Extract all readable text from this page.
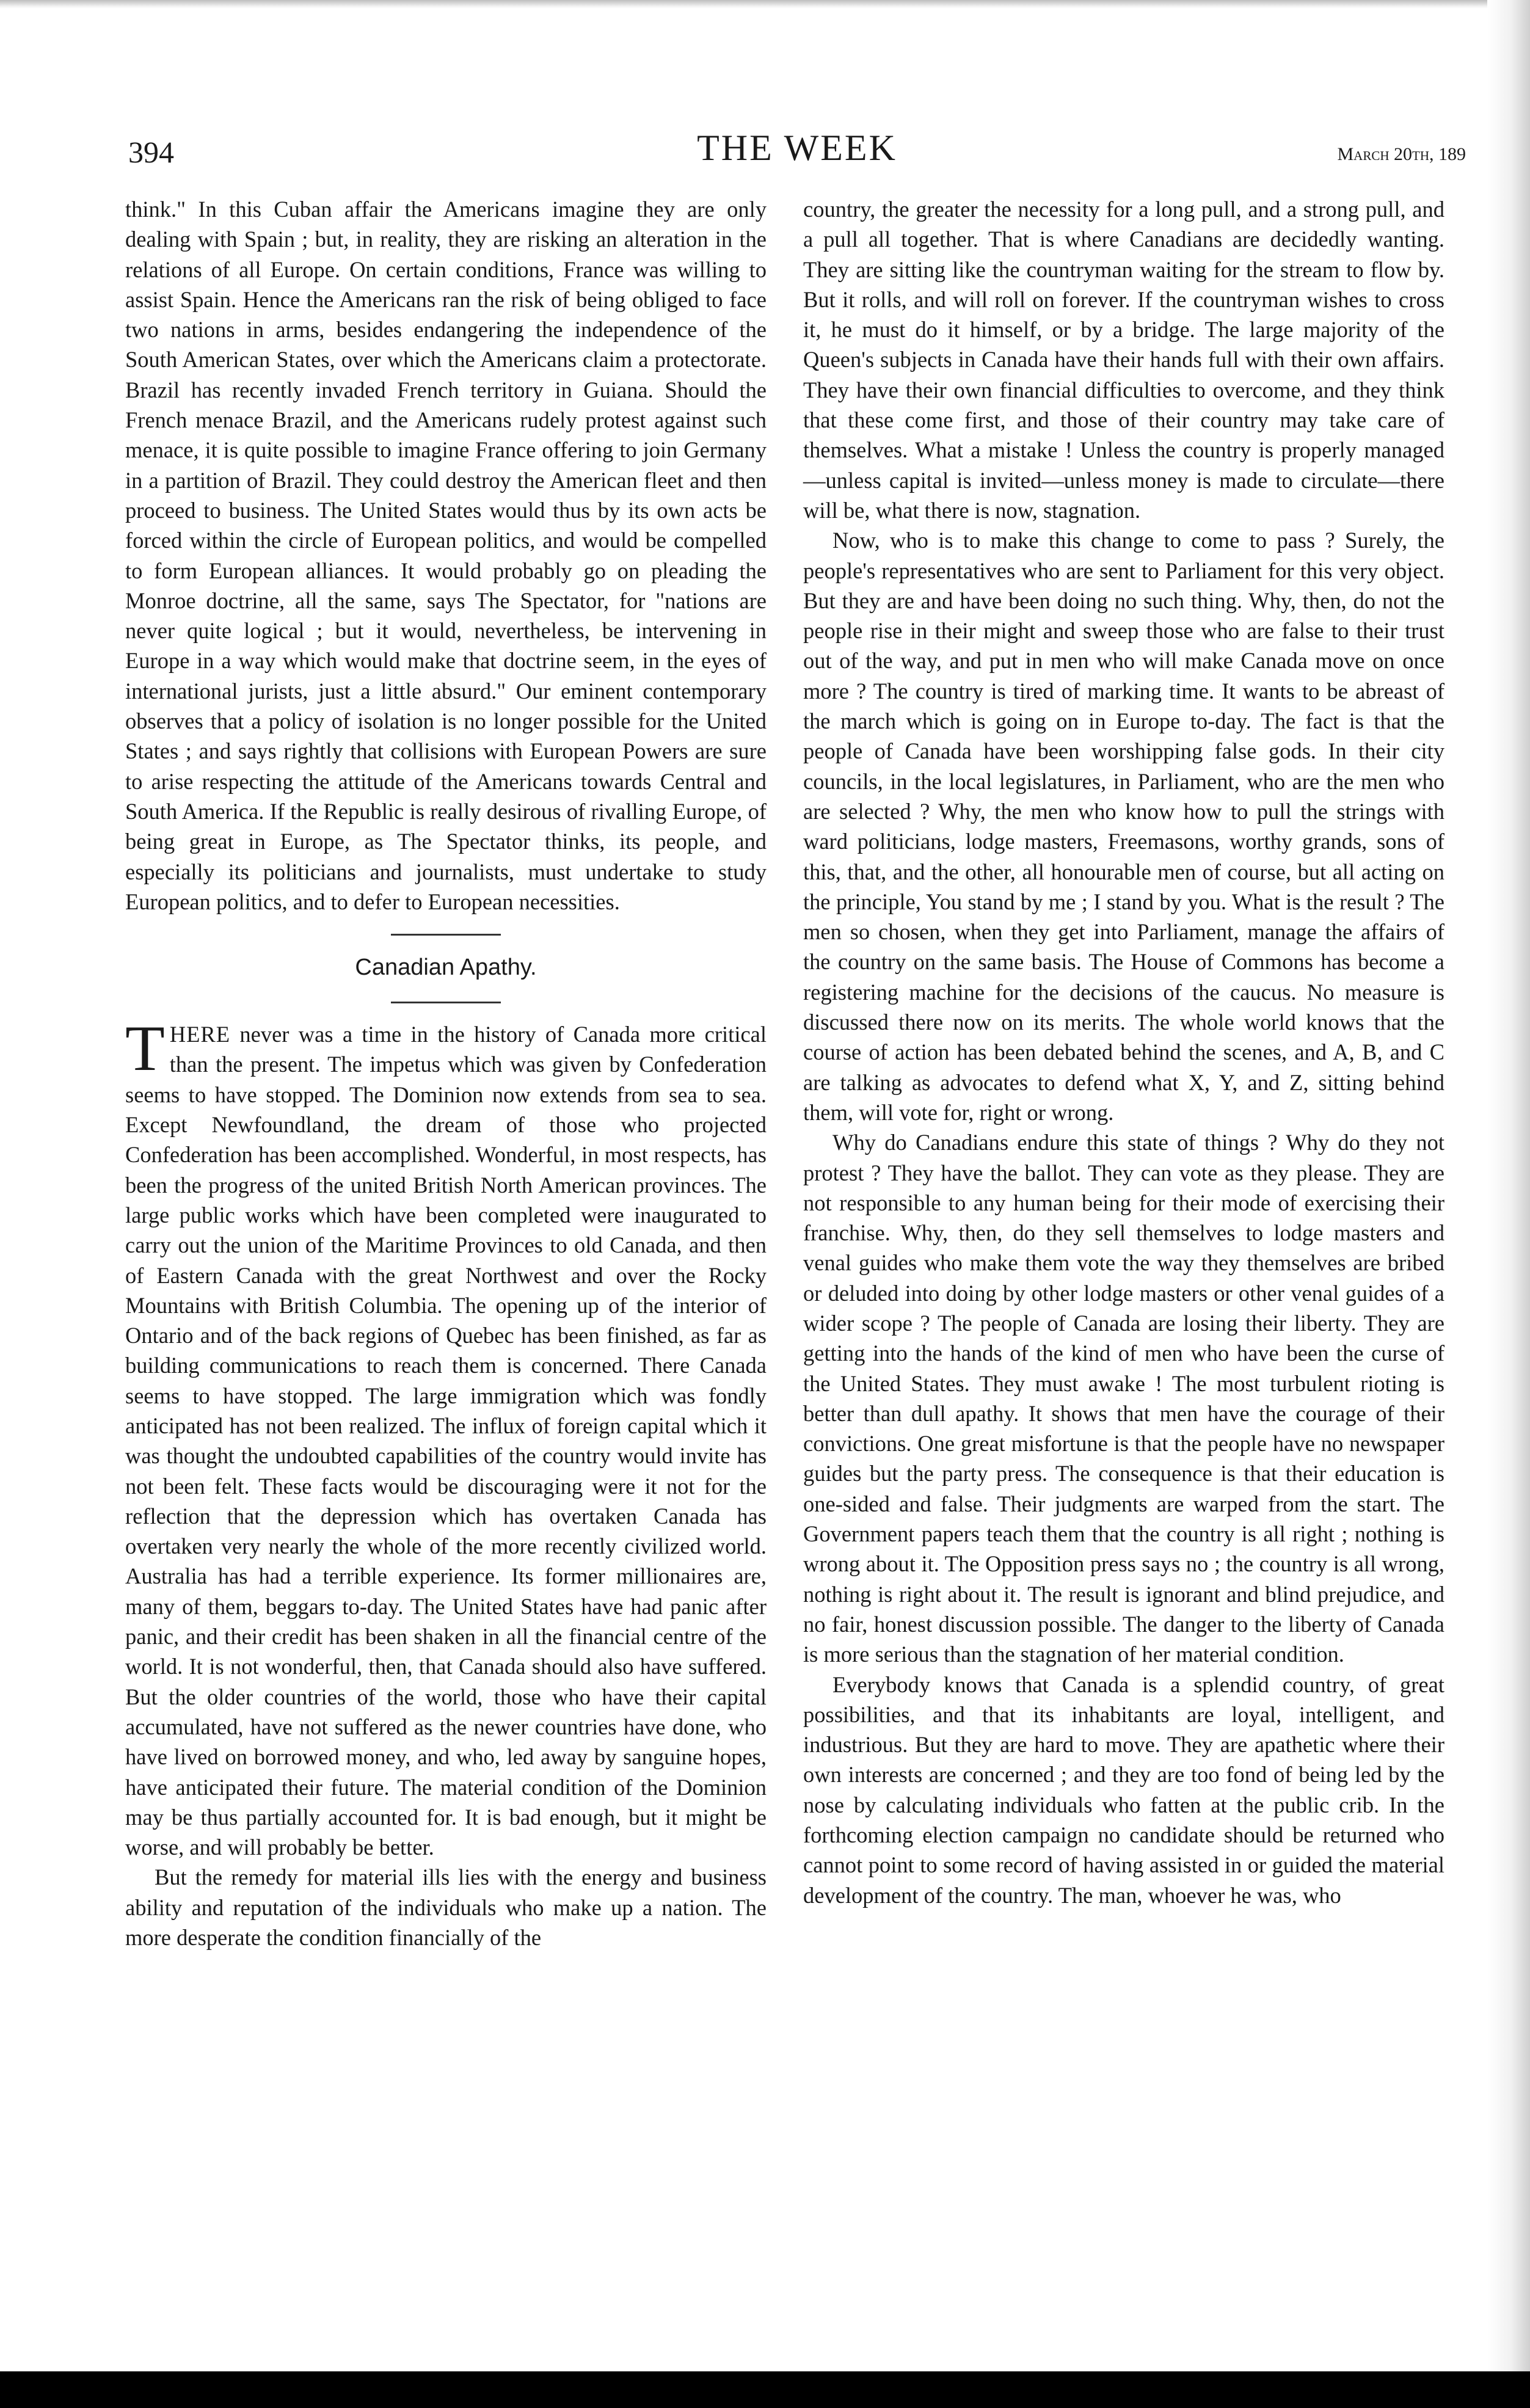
THE WEEK
394	March 20th, 189

think." In this Cuban affair the Americans imagine they are only dealing with Spain ; but, in reality, they are risking an alteration in the relations of all Europe. On certain conditions, France was willing to assist Spain. Hence the Americans ran the risk of being obliged to face two nations in arms, besides endangering the independence of the South American States, over which the Americans claim a protectorate. Brazil has recently invaded French territory in Guiana. Should the French menace Brazil, and the Americans rudely protest against such menace, it is quite possible to imagine France offering to join Germany in a partition of Brazil. They could destroy the American fleet and then proceed to business. The United States would thus by its own acts be forced within the circle of European politics, and would be compelled to form European alliances. It would probably go on pleading the Monroe doctrine, all the same, says The Spectator, for "nations are never quite logical ; but it would, nevertheless, be intervening in Europe in a way which would make that doctrine seem, in the eyes of international jurists, just a little absurd." Our eminent contemporary observes that a policy of isolation is no longer possible for the United States ; and says rightly that collisions with European Powers are sure to arise respecting the attitude of the Americans towards Central and South America. If the Republic is really desirous of rivalling Europe, of being great in Europe, as The Spectator thinks, its people, and especially its politicians and journalists, must undertake to study European politics, and to defer to European necessities.

Canadian Apathy.

THERE never was a time in the history of Canada more critical than the present. The impetus which was given by Confederation seems to have stopped. The Dominion now extends from sea to sea. Except Newfoundland, the dream of those who projected Confederation has been accomplished. Wonderful, in most respects, has been the progress of the united British North American provinces. The large public works which have been completed were inaugurated to carry out the union of the Maritime Provinces to old Canada, and then of Eastern Canada with the great Northwest and over the Rocky Mountains with British Columbia. The opening up of the interior of Ontario and of the back regions of Quebec has been finished, as far as building communications to reach them is concerned. There Canada seems to have stopped. The large immigration which was fondly anticipated has not been realized. The influx of foreign capital which it was thought the undoubted capabilities of the country would invite has not been felt. These facts would be discouraging were it not for the reflection that the depression which has overtaken Canada has overtaken very nearly the whole of the more recently civilized world. Australia has had a terrible experience. Its former millionaires are, many of them, beggars to-day. The United States have had panic after panic, and their credit has been shaken in all the financial centre of the world. It is not wonderful, then, that Canada should also have suffered. But the older countries of the world, those who have their capital accumulated, have not suffered as the newer countries have done, who have lived on borrowed money, and who, led away by sanguine hopes, have anticipated their future. The material condition of the Dominion may be thus partially accounted for. It is bad enough, but it might be worse, and will probably be better.

But the remedy for material ills lies with the energy and business ability and reputation of the individuals who make up a nation. The more desperate the condition financially of the

country, the greater the necessity for a long pull, and a strong pull, and a pull all together. That is where Canadians are decidedly wanting. They are sitting like the countryman waiting for the stream to flow by. But it rolls, and will roll on forever. If the countryman wishes to cross it, he must do it himself, or by a bridge. The large majority of the Queen's subjects in Canada have their hands full with their own affairs. They have their own financial difficulties to overcome, and they think that these come first, and those of their country may take care of themselves. What a mistake ! Unless the country is properly managed—unless capital is invited—unless money is made to circulate—there will be, what there is now, stagnation.

Now, who is to make this change to come to pass ? Surely, the people's representatives who are sent to Parliament for this very object. But they are and have been doing no such thing. Why, then, do not the people rise in their might and sweep those who are false to their trust out of the way, and put in men who will make Canada move on once more ? The country is tired of marking time. It wants to be abreast of the march which is going on in Europe to-day. The fact is that the people of Canada have been worshipping false gods. In their city councils, in the local legislatures, in Parliament, who are the men who are selected ? Why, the men who know how to pull the strings with ward politicians, lodge masters, Freemasons, worthy grands, sons of this, that, and the other, all honourable men of course, but all acting on the principle, You stand by me ; I stand by you. What is the result ? The men so chosen, when they get into Parliament, manage the affairs of the country on the same basis. The House of Commons has become a registering machine for the decisions of the caucus. No measure is discussed there now on its merits. The whole world knows that the course of action has been debated behind the scenes, and A, B, and C are talking as advocates to defend what X, Y, and Z, sitting behind them, will vote for, right or wrong.

Why do Canadians endure this state of things ? Why do they not protest ? They have the ballot. They can vote as they please. They are not responsible to any human being for their mode of exercising their franchise. Why, then, do they sell themselves to lodge masters and venal guides who make them vote the way they themselves are bribed or deluded into doing by other lodge masters or other venal guides of a wider scope ? The people of Canada are losing their liberty. They are getting into the hands of the kind of men who have been the curse of the United States. They must awake ! The most turbulent rioting is better than dull apathy. It shows that men have the courage of their convictions. One great misfortune is that the people have no newspaper guides but the party press. The consequence is that their education is one-sided and false. Their judgments are warped from the start. The Government papers teach them that the country is all right ; nothing is wrong about it. The Opposition press says no ; the country is all wrong, nothing is right about it. The result is ignorant and blind prejudice, and no fair, honest discussion possible. The danger to the liberty of Canada is more serious than the stagnation of her material condition.

Everybody knows that Canada is a splendid country, of great possibilities, and that its inhabitants are loyal, intelligent, and industrious. But they are hard to move. They are apathetic where their own interests are concerned ; and they are too fond of being led by the nose by calculating individuals who fatten at the public crib. In the forthcoming election campaign no candidate should be returned who cannot point to some record of having assisted in or guided the material development of the country. The man, whoever he was, who
